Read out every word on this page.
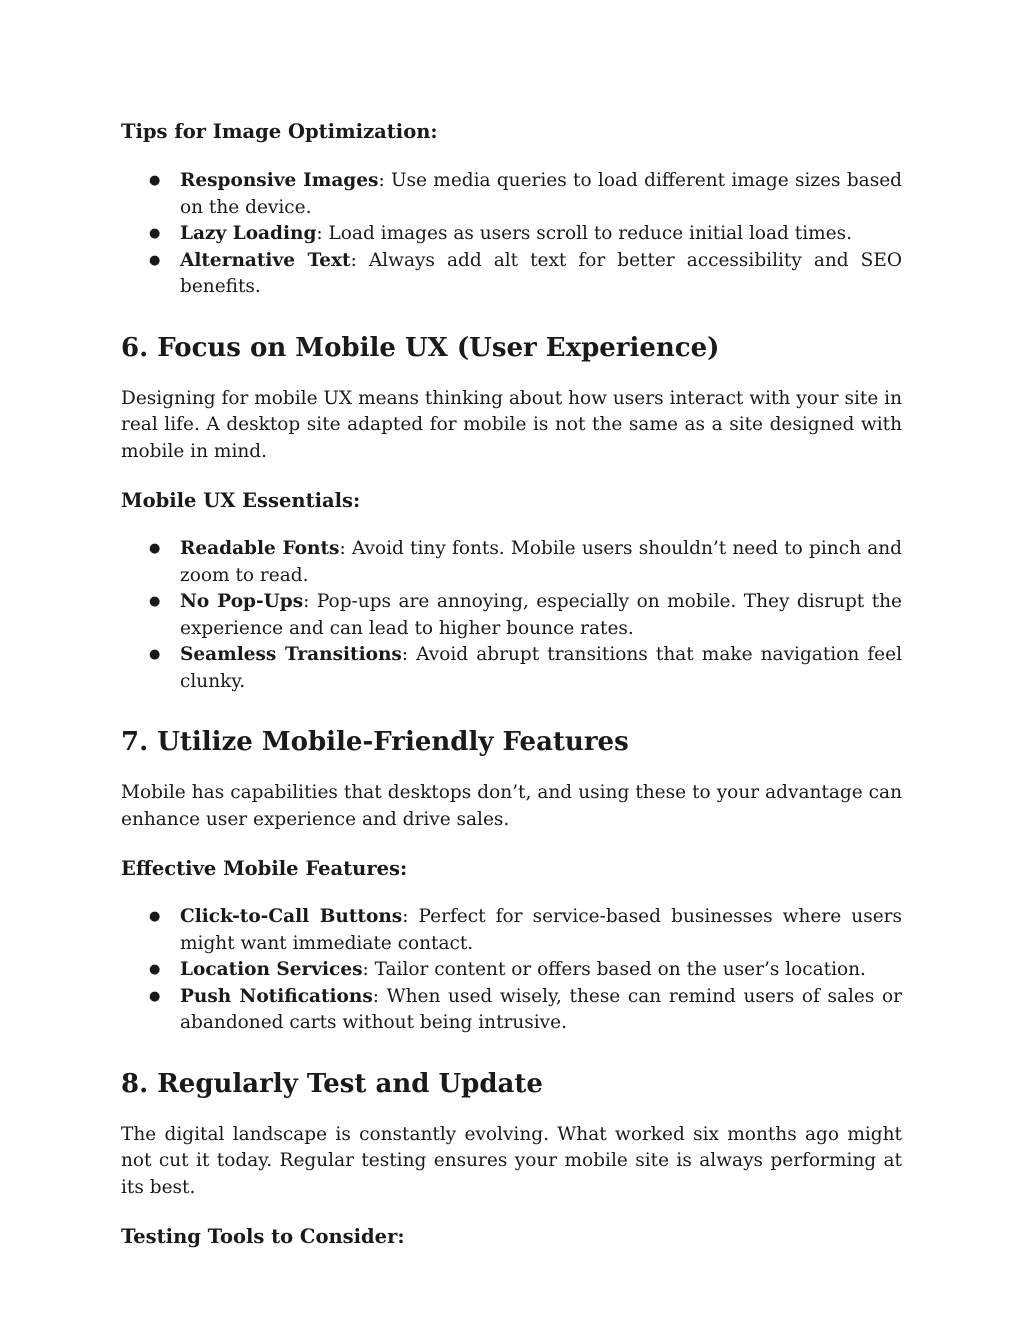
Tips for Image Optimization:
● Responsive Images: Use media queries to load different image sizes based on the device.
● Lazy Loading: Load images as users scroll to reduce initial load times.
● Alternative Text: Always add alt text for better accessibility and SEO benefits.
6. Focus on Mobile UX (User Experience)

Designing for mobile UX means thinking about how users interact with your site in real life. A desktop site adapted for mobile is not the same as a site designed with mobile in mind.

Mobile UX Essentials:
● Readable Fonts: Avoid tiny fonts. Mobile users shouldn’t need to pinch and zoom to read.
● No Pop-Ups: Pop-ups are annoying, especially on mobile. They disrupt the experience and can lead to higher bounce rates.
● Seamless Transitions: Avoid abrupt transitions that make navigation feel clunky.
7. Utilize Mobile-Friendly Features

Mobile has capabilities that desktops don’t, and using these to your advantage can enhance user experience and drive sales.

Effective Mobile Features:
● Click-to-Call Buttons: Perfect for service-based businesses where users might want immediate contact.
● Location Services: Tailor content or offers based on the user’s location.
● Push Notifications: When used wisely, these can remind users of sales or abandoned carts without being intrusive.
8. Regularly Test and Update

The digital landscape is constantly evolving. What worked six months ago might not cut it today. Regular testing ensures your mobile site is always performing at its best.

Testing Tools to Consider:
